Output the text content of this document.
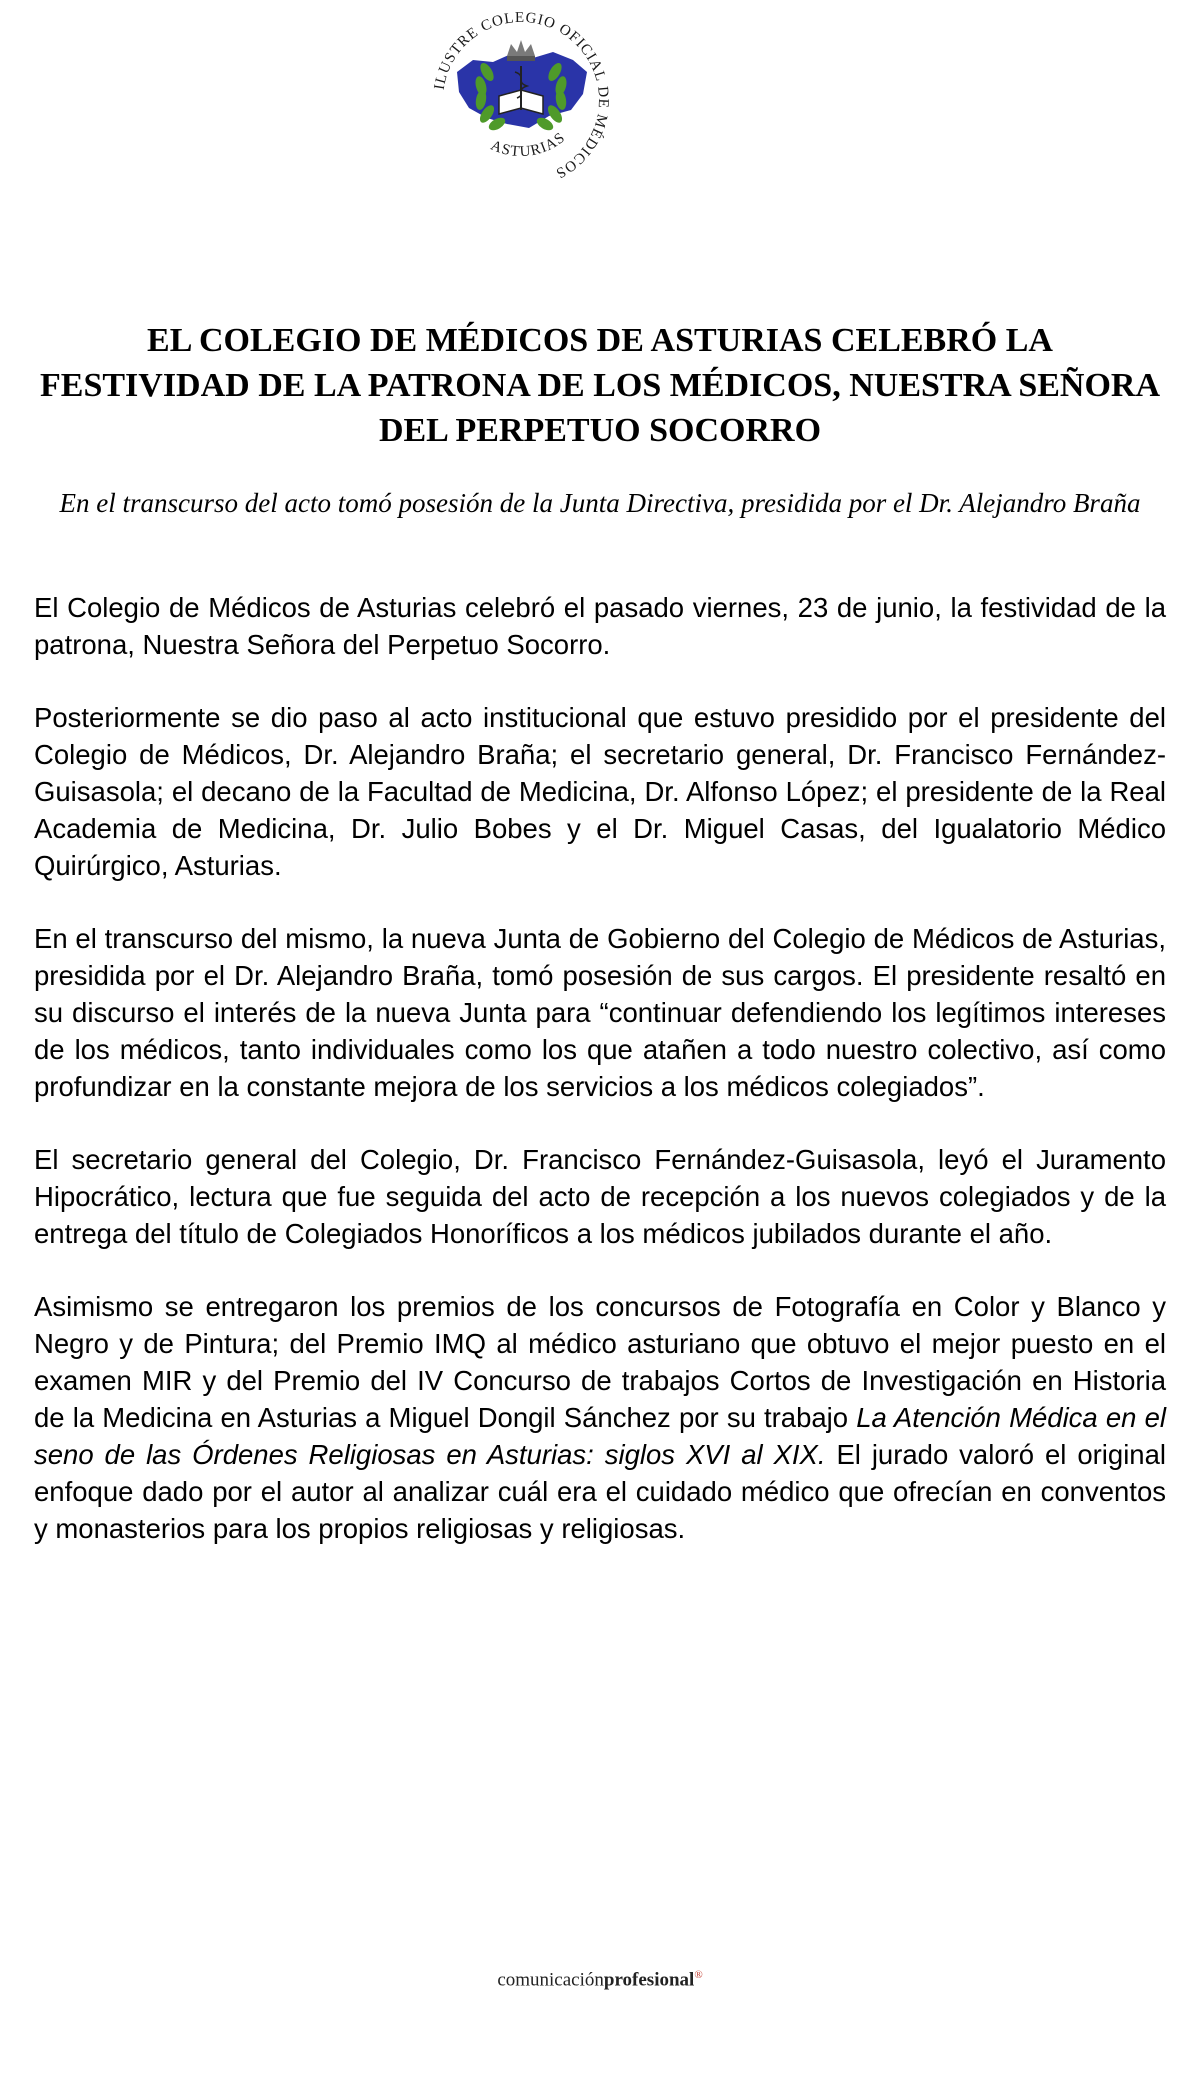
ILUSTRE COLEGIO OFICIAL DE MÉDICOS
ASTURIAS
EL COLEGIO DE MÉDICOS DE ASTURIAS CELEBRÓ LA FESTIVIDAD DE LA PATRONA DE LOS MÉDICOS, NUESTRA SEÑORA DEL PERPETUO SOCORRO

En el transcurso del acto tomó posesión de la Junta Directiva, presidida por el Dr. Alejandro Braña

El Colegio de Médicos de Asturias celebró el pasado viernes, 23 de junio, la festividad de la patrona, Nuestra Señora del Perpetuo Socorro.

Posteriormente se dio paso al acto institucional que estuvo presidido por el presidente del Colegio de Médicos, Dr. Alejandro Braña; el secretario general, Dr. Francisco Fernández-Guisasola; el decano de la Facultad de Medicina, Dr. Alfonso López; el presidente de la Real Academia de Medicina, Dr. Julio Bobes y el Dr. Miguel Casas, del Igualatorio Médico Quirúrgico, Asturias.

En el transcurso del mismo, la nueva Junta de Gobierno del Colegio de Médicos de Asturias, presidida por el Dr. Alejandro Braña, tomó posesión de sus cargos. El presidente resaltó en su discurso el interés de la nueva Junta para “continuar defendiendo los legítimos intereses de los médicos, tanto individuales como los que atañen a todo nuestro colectivo, así como profundizar en la constante mejora de los servicios a los médicos colegiados”.

El secretario general del Colegio, Dr. Francisco Fernández-Guisasola, leyó el Juramento Hipocrático, lectura que fue seguida del acto de recepción a los nuevos colegiados y de la entrega del título de Colegiados Honoríficos a los médicos jubilados durante el año.

Asimismo se entregaron los premios de los concursos de Fotografía en Color y Blanco y Negro y de Pintura; del Premio IMQ al médico asturiano que obtuvo el mejor puesto en el examen MIR y del Premio del IV Concurso de trabajos Cortos de Investigación en Historia de la Medicina en Asturias a Miguel Dongil Sánchez por su trabajo La Atención Médica en el seno de las Órdenes Religiosas en Asturias: siglos XVI al XIX. El jurado valoró el original enfoque dado por el autor al analizar cuál era el cuidado médico que ofrecían en conventos y monasterios para los propios religiosas y religiosas.

comunicaciónprofesional®
